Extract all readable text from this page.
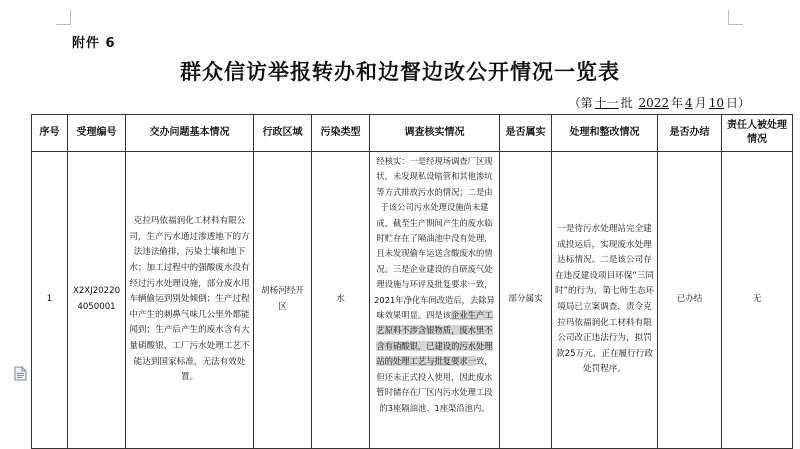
附件 6
群众信访举报转办和边督边改公开情况一览表
（第 十一 批 2022 年 4 月 10 日）
序号	受理编号	交办问题基本情况	行政区域	污染类型	调查核实情况	是否属实	处理和整改情况	是否办结	责任人被处理情况
1	X2XJ202204050001	克拉玛依福润化工材料有限公司，生产污水通过渗透地下的方法违法偷排，污染土壤和地下水；加工过程中的强酸废水没有经过污水处理设施，部分废水用车辆偷运到别处倾倒；生产过程中产生的刺鼻气味几公里外都能闻到；生产后产生的废水含有大量硝酸银，工厂污水处理工艺不能达到国家标准，无法有效处置。	胡杨河经开区	水	经核实：一是经现场调查厂区现状，未发现私设暗管和其他渗坑等方式排放污水的情况；二是由于该公司污水处理设施尚未建成，截至生产期间产生的废水临时贮存在了隔油池中没有处理，且未发现偷车运送含酸废水的情况。三是企业建设的自研废气处理设施与环评及批复要求一致，2021年净化车间改造后，去除异味效果明显。四是该企业生产工艺原料不涉含银物质，废水里不含有硝酸银，已建设的污水处理站的处理工艺与批复要求一致，但还未正式投入使用，因此废水暂时储存在厂区内污水处理工段的3座隔油池、1座渠沿池内。	部分属实	一是待污水处理站完全建成投运后，实现废水处理达标情况。二是该公司存在违反建设项目环保“三同时”的行为，第七师生态环境局已立案调查，责令克拉玛依福润化工材料有限公司改正违法行为，拟罚款25万元，正在履行行政处罚程序。	已办结	无
